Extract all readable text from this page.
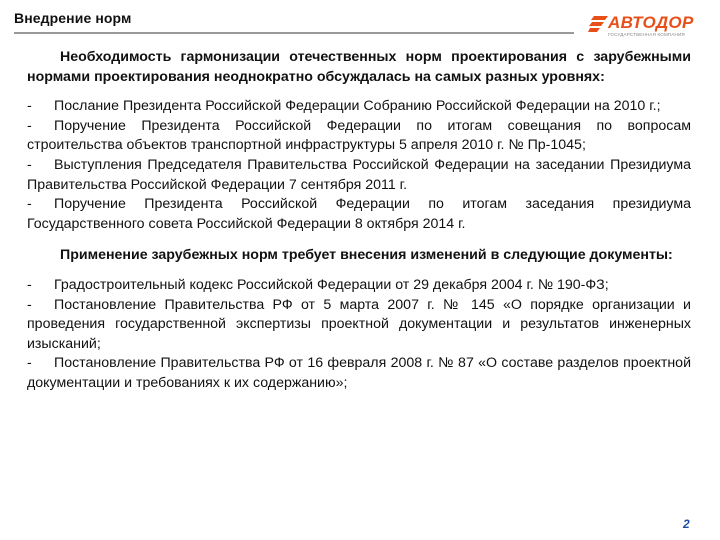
Внедрение норм	АВТОДОР
ГОСУДАРСТВЕННАЯ КОМПАНИЯ

Необходимость гармонизации отечественных норм проектирования с зарубежными нормами проектирования неоднократно обсуждалась на самых разных уровнях:

- Послание Президента Российской Федерации Собранию Российской Федерации на 2010 г.;
- Поручение Президента Российской Федерации по итогам совещания по вопросам строительства объектов транспортной инфраструктуры 5 апреля 2010 г. № Пр-1045;
- Выступления Председателя Правительства Российской Федерации на заседании Президиума Правительства Российской Федерации 7 сентября 2011 г.
- Поручение Президента Российской Федерации по итогам заседания президиума Государственного совета Российской Федерации 8 октября 2014 г.

Применение зарубежных норм требует внесения изменений в следующие документы:

- Градостроительный кодекс Российской Федерации от 29 декабря 2004 г. № 190-ФЗ;
- Постановление Правительства РФ от 5 марта 2007 г. № 145 «О порядке организации и проведения государственной экспертизы проектной документации и результатов инженерных изысканий;
- Постановление Правительства РФ от 16 февраля 2008 г. № 87 «О составе разделов проектной документации и требованиях к их содержанию»;
2
